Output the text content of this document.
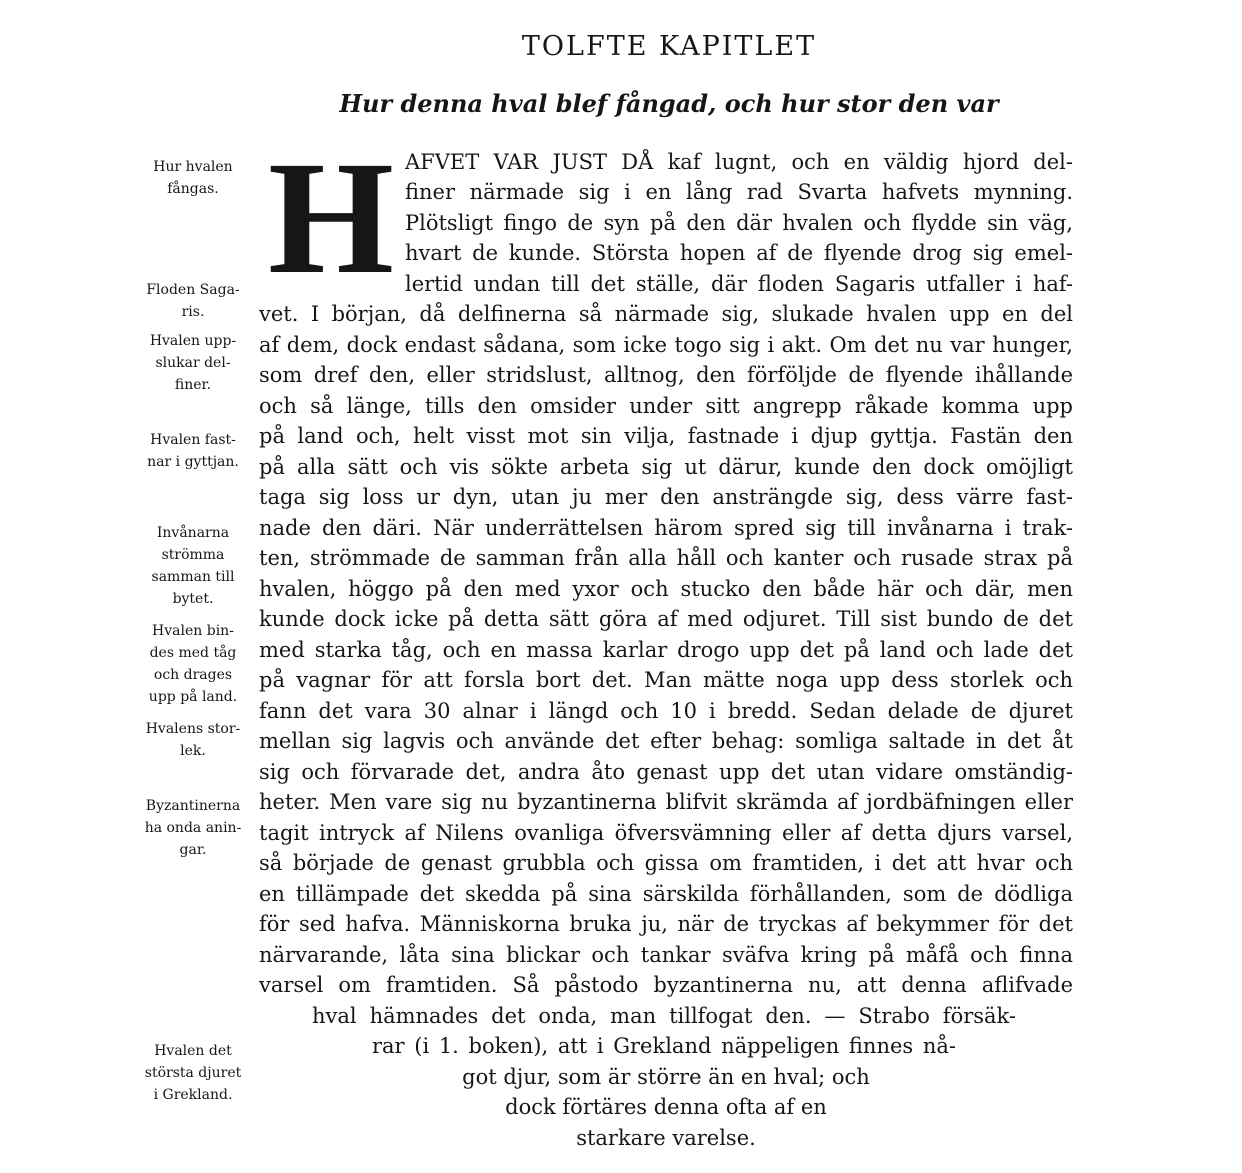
TOLFTE KAPITLET
Hur denna hval blef fångad, och hur stor den var
H AFVET VAR JUST DÅ kaf lugnt, och en väldig hjord del-
finer närmade sig i en lång rad Svarta hafvets mynning.
Plötsligt fingo de syn på den där hvalen och flydde sin väg,
hvart de kunde. Största hopen af de flyende drog sig emel-
lertid undan till det ställe, där floden Sagaris utfaller i haf-
vet. I början, då delfinerna så närmade sig, slukade hvalen upp en del
af dem, dock endast sådana, som icke togo sig i akt. Om det nu var hunger,
som dref den, eller stridslust, alltnog, den förföljde de flyende ihållande
och så länge, tills den omsider under sitt angrepp råkade komma upp
på land och, helt visst mot sin vilja, fastnade i djup gyttja. Fastän den
på alla sätt och vis sökte arbeta sig ut därur, kunde den dock omöjligt
taga sig loss ur dyn, utan ju mer den ansträngde sig, dess värre fast-
nade den däri. När underrättelsen härom spred sig till invånarna i trak-
ten, strömmade de samman från alla håll och kanter och rusade strax på
hvalen, höggo på den med yxor och stucko den både här och där, men
kunde dock icke på detta sätt göra af med odjuret. Till sist bundo de det
med starka tåg, och en massa karlar drogo upp det på land och lade det
på vagnar för att forsla bort det. Man mätte noga upp dess storlek och
fann det vara 30 alnar i längd och 10 i bredd. Sedan delade de djuret
mellan sig lagvis och använde det efter behag: somliga saltade in det åt
sig och förvarade det, andra åto genast upp det utan vidare omständig-
heter. Men vare sig nu byzantinerna blifvit skrämda af jordbäfningen eller
tagit intryck af Nilens ovanliga öfversvämning eller af detta djurs varsel,
så började de genast grubbla och gissa om framtiden, i det att hvar och
en tillämpade det skedda på sina särskilda förhållanden, som de dödliga
för sed hafva. Människorna bruka ju, när de tryckas af bekymmer för det
närvarande, låta sina blickar och tankar sväfva kring på måfå och finna
varsel om framtiden. Så påstodo byzantinerna nu, att denna aflifvade
hval hämnades det onda, man tillfogat den. — Strabo försäk-
rar (i 1. boken), att i Grekland näppeligen finnes nå-
got djur, som är större än en hval; och
dock förtäres denna ofta af en
starkare varelse.
Hur hvalen
fångas.
Floden Saga-
ris.
Hvalen upp-
slukar del-
finer.
Hvalen fast-
nar i gyttjan.
Invånarna
strömma
samman till
bytet.
Hvalen bin-
des med tåg
och drages
upp på land.
Hvalens stor-
lek.
Byzantinerna
ha onda anin-
gar.
Hvalen det
största djuret
i Grekland.
